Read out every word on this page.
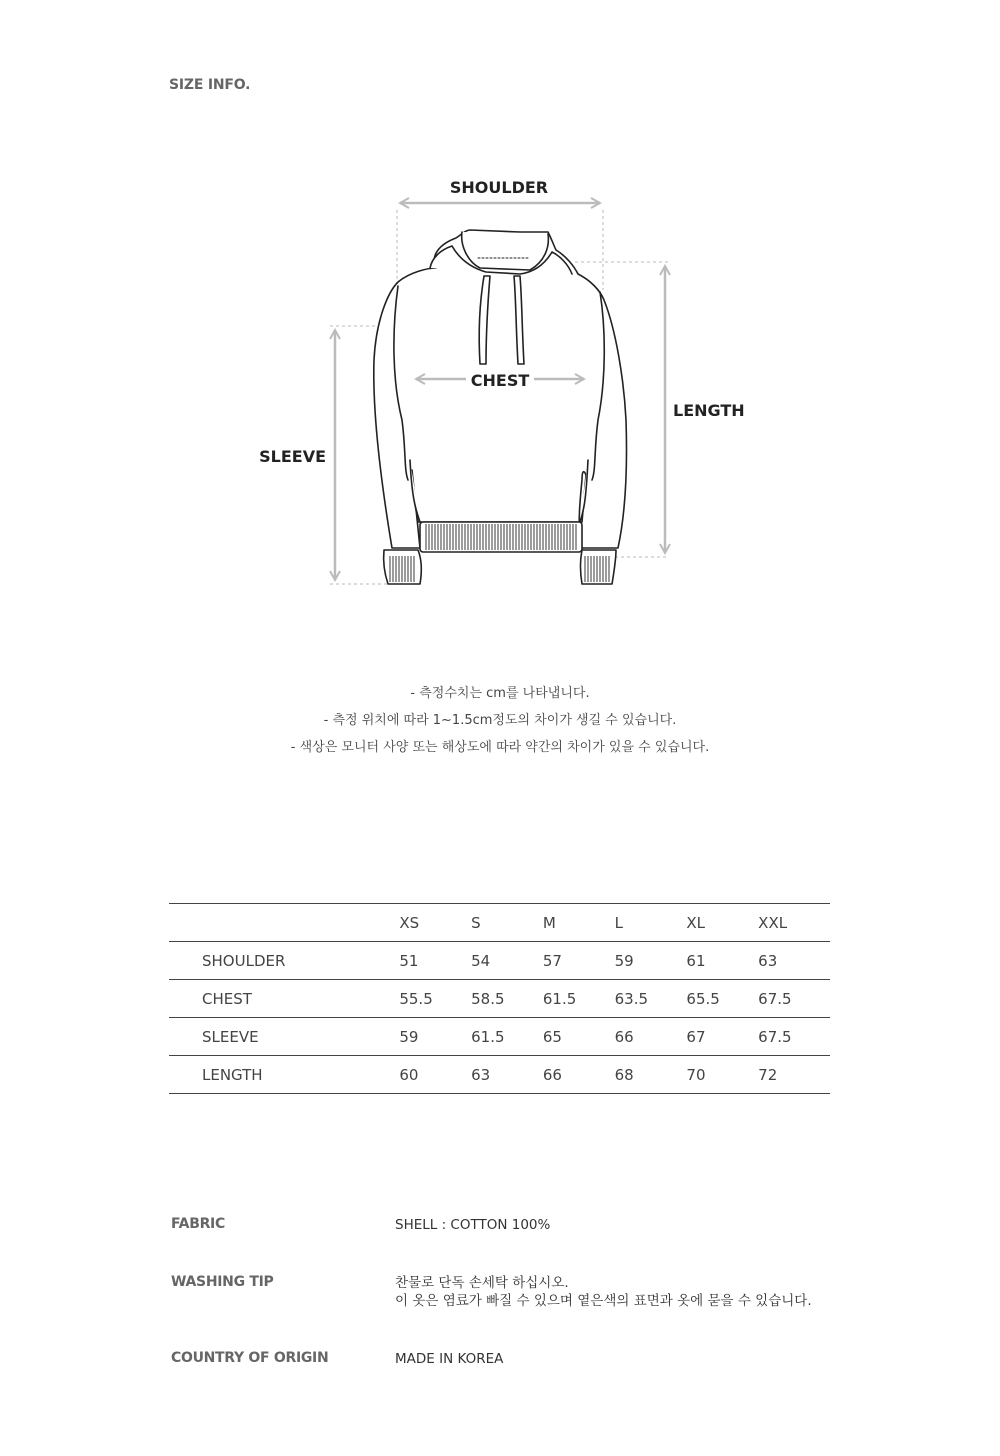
SIZE INFO.
SHOULDER
CHEST
LENGTH
SLEEVE
- 측정수치는 cm를 나타냅니다.
- 측정 위치에 따라 1~1.5cm정도의 차이가 생길 수 있습니다.
- 색상은 모니터 사양 또는 해상도에 따라 약간의 차이가 있을 수 있습니다.
	XS	S	M	L	XL	XXL
SHOULDER	51	54	57	59	61	63
CHEST	55.5	58.5	61.5	63.5	65.5	67.5
SLEEVE	59	61.5	65	66	67	67.5
LENGTH	60	63	66	68	70	72
FABRIC	SHELL : COTTON 100%
WASHING TIP	찬물로 단독 손세탁 하십시오.
이 옷은 염료가 빠질 수 있으며 옅은색의 표면과 옷에 묻을 수 있습니다.
COUNTRY OF ORIGIN	MADE IN KOREA
